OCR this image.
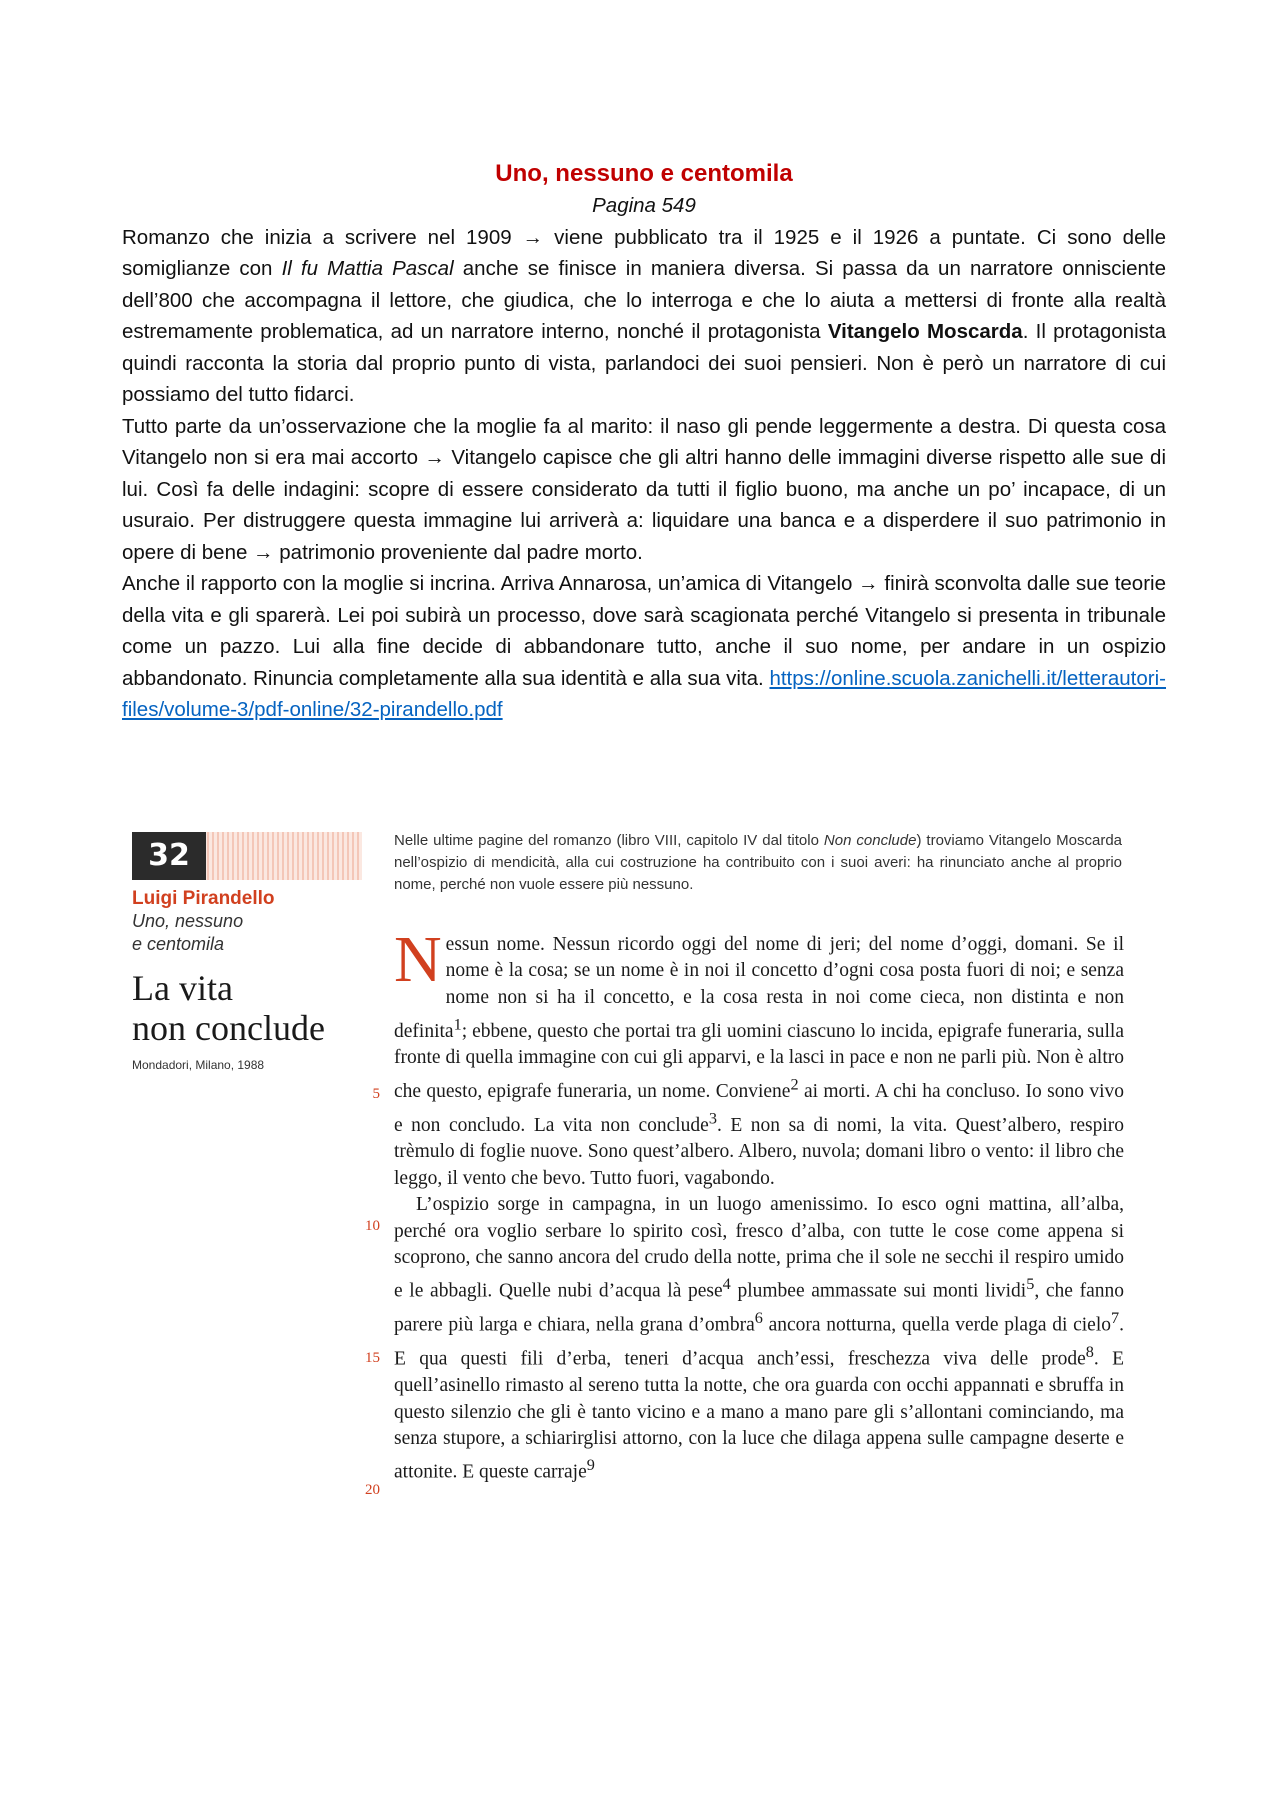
Uno, nessuno e centomila

Pagina 549

Romanzo che inizia a scrivere nel 1909 → viene pubblicato tra il 1925 e il 1926 a puntate. Ci sono delle somiglianze con Il fu Mattia Pascal anche se finisce in maniera diversa. Si passa da un narratore onnisciente dell’800 che accompagna il lettore, che giudica, che lo interroga e che lo aiuta a mettersi di fronte alla realtà estremamente problematica, ad un narratore interno, nonché il protagonista Vitangelo Moscarda. Il protagonista quindi racconta la storia dal proprio punto di vista, parlandoci dei suoi pensieri. Non è però un narratore di cui possiamo del tutto fidarci.

Tutto parte da un’osservazione che la moglie fa al marito: il naso gli pende leggermente a destra. Di questa cosa Vitangelo non si era mai accorto → Vitangelo capisce che gli altri hanno delle immagini diverse rispetto alle sue di lui. Così fa delle indagini: scopre di essere considerato da tutti il figlio buono, ma anche un po’ incapace, di un usuraio. Per distruggere questa immagine lui arriverà a: liquidare una banca e a disperdere il suo patrimonio in opere di bene → patrimonio proveniente dal padre morto.

Anche il rapporto con la moglie si incrina. Arriva Annarosa, un’amica di Vitangelo → finirà sconvolta dalle sue teorie della vita e gli sparerà. Lei poi subirà un processo, dove sarà scagionata perché Vitangelo si presenta in tribunale come un pazzo. Lui alla fine decide di abbandonare tutto, anche il suo nome, per andare in un ospizio abbandonato. Rinuncia completamente alla sua identità e alla sua vita. https://online.scuola.zanichelli.it/letterautori-files/volume-3/pdf-online/32-pirandello.pdf

32
Luigi Pirandello
Uno, nessuno
e centomila
La vita
non conclude
Mondadori, Milano, 1988
Nelle ultime pagine del romanzo (libro VIII, capitolo IV dal titolo Non conclude) troviamo Vitangelo Moscarda nell’ospizio di mendicità, alla cui costruzione ha contribuito con i suoi averi: ha rinunciato anche al proprio nome, perché non vuole essere più nessuno.
5
10
15
20

Nessun nome. Nessun ricordo oggi del nome di jeri; del nome d’oggi, domani. Se il nome è la cosa; se un nome è in noi il concetto d’ogni cosa posta fuori di noi; e senza nome non si ha il concetto, e la cosa resta in noi come cieca, non distinta e non definita$^1$; ebbene, questo che portai tra gli uomini ciascuno lo incida, epigrafe funeraria, sulla fronte di quella immagine con cui gli apparvi, e la lasci in pace e non ne parli più. Non è altro che questo, epigrafe funeraria, un nome. Conviene$^2$ ai morti. A chi ha concluso. Io sono vivo e non concludo. La vita non conclude$^3$. E non sa di nomi, la vita. Quest’albero, respiro trèmulo di foglie nuove. Sono quest’albero. Albero, nuvola; domani libro o vento: il libro che leggo, il vento che bevo. Tutto fuori, vagabondo.

L’ospizio sorge in campagna, in un luogo amenissimo. Io esco ogni mattina, all’alba, perché ora voglio serbare lo spirito così, fresco d’alba, con tutte le cose come appena si scoprono, che sanno ancora del crudo della notte, prima che il sole ne secchi il respiro umido e le abbagli. Quelle nubi d’acqua là pese$^4$ plumbee ammassate sui monti lividi$^5$, che fanno parere più larga e chiara, nella grana d’ombra$^6$ ancora notturna, quella verde plaga di cielo$^7$. E qua questi fili d’erba, teneri d’acqua anch’essi, freschezza viva delle prode$^8$. E quell’asinello rimasto al sereno tutta la notte, che ora guarda con occhi appannati e sbruffa in questo silenzio che gli è tanto vicino e a mano a mano pare gli s’allontani cominciando, ma senza stupore, a schiarirglisi attorno, con la luce che dilaga appena sulle campagne deserte e attonite. E queste carraje$^9$
